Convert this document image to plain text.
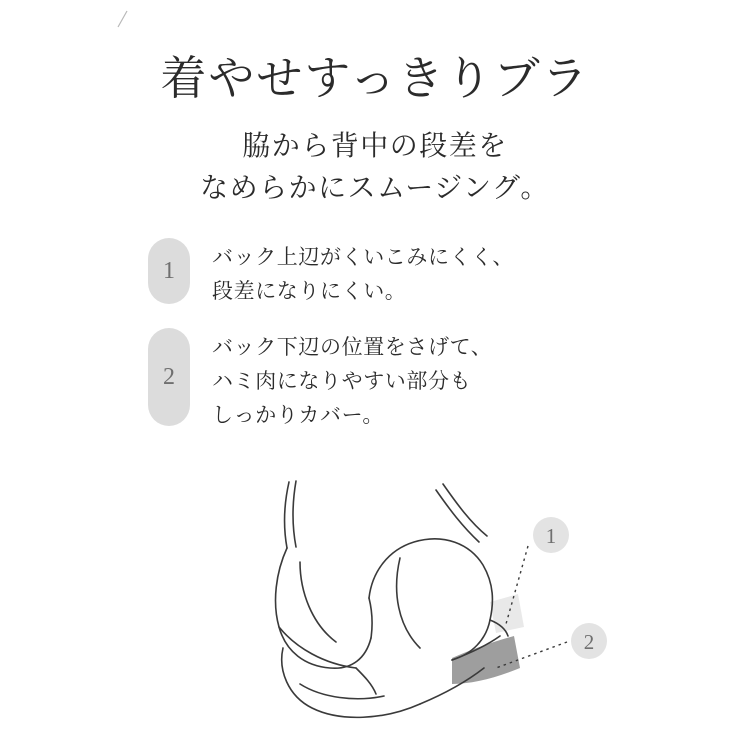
着やせすっきりブラ
脇から背中の段差を
なめらかにスムージング。
1
バック上辺がくいこみにくく、
段差になりにくい。
2
バック下辺の位置をさげて、
ハミ肉になりやすい部分も
しっかりカバー。
1
2
